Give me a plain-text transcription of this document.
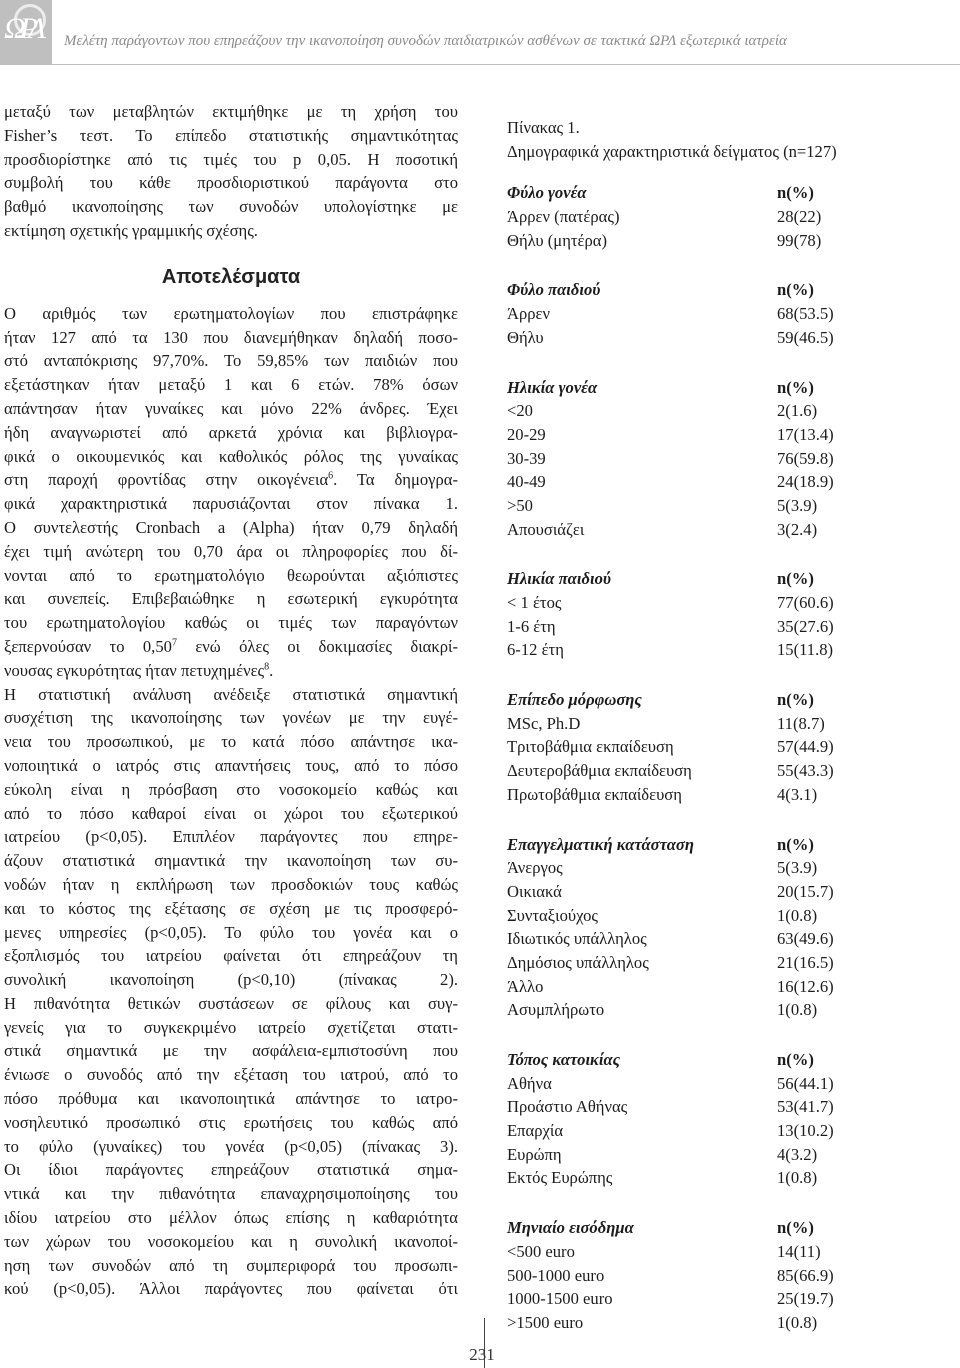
ΩΡΛ Μελέτη παράγοντων που επηρεάζουν την ικανοποίηση συνοδών παιδιατρικών ασθένων σε τακτικά ΩΡΛ εξωτερικά ιατρεία
μεταξύ των μεταβλητών εκτιμήθηκε με τη χρήση του
Fisher’s τεστ. Το επίπεδο στατιστικής σημαντικότητας
προσδιορίστηκε από τις τιμές του p 0,05. Η ποσοτική
συμβολή του κάθε προσδιοριστικού παράγοντα στο
βαθμό ικανοποίησης των συνοδών υπολογίστηκε με
εκτίμηση σχετικής γραμμικής σχέσης.
Αποτελέσματα
Ο αριθμός των ερωτηματολογίων που επιστράφηκε
ήταν 127 από τα 130 που διανεμήθηκαν δηλαδή ποσο-
στό ανταπόκρισης 97,70%. Το 59,85% των παιδιών που
εξετάστηκαν ήταν μεταξύ 1 και 6 ετών. 78% όσων
απάντησαν ήταν γυναίκες και μόνο 22% άνδρες. Έχει
ήδη αναγνωριστεί από αρκετά χρόνια και βιβλιογρα-
φικά ο οικουμενικός και καθολικός ρόλος της γυναίκας
στη παροχή φροντίδας στην οικογένεια$^6$. Τα δημογρα-
φικά χαρακτηριστικά παρυσιάζονται στον πίνακα 1.
Ο συντελεστής Cronbach a (Alpha) ήταν 0,79 δηλαδή
έχει τιμή ανώτερη του 0,70 άρα οι πληροφορίες που δί-
νονται από το ερωτηματολόγιο θεωρούνται αξιόπιστες
και συνεπείς. Επιβεβαιώθηκε η εσωτερική εγκυρότητα
του ερωτηματολογίου καθώς οι τιμές των παραγόντων
ξεπερνούσαν το 0,50$^7$ ενώ όλες οι δοκιμασίες διακρί-
νουσας εγκυρότητας ήταν πετυχημένες$^8$.
Η στατιστική ανάλυση ανέδειξε στατιστικά σημαντική
συσχέτιση της ικανοποίησης των γονέων με την ευγέ-
νεια του προσωπικού, με το κατά πόσο απάντησε ικα-
νοποιητικά ο ιατρός στις απαντήσεις τους, από το πόσο
εύκολη είναι η πρόσβαση στο νοσοκομείο καθώς και
από το πόσο καθαροί είναι οι χώροι του εξωτερικού
ιατρείου (p<0,05). Επιπλέον παράγοντες που επηρε-
άζουν στατιστικά σημαντικά την ικανοποίηση των συ-
νοδών ήταν η εκπλήρωση των προσδοκιών τους καθώς
και το κόστος της εξέτασης σε σχέση με τις προσφερό-
μενες υπηρεσίες (p<0,05). Το φύλο του γονέα και ο
εξοπλισμός του ιατρείου φαίνεται ότι επηρεάζουν τη
συνολική ικανοποίηση (p<0,10) (πίνακας 2).
Η πιθανότητα θετικών συστάσεων σε φίλους και συγ-
γενείς για το συγκεκριμένο ιατρείο σχετίζεται στατι-
στικά σημαντικά με την ασφάλεια-εμπιστοσύνη που
ένιωσε ο συνοδός από την εξέταση του ιατρού, από το
πόσο πρόθυμα και ικανοποιητικά απάντησε το ιατρο-
νοσηλευτικό προσωπικό στις ερωτήσεις του καθώς από
το φύλο (γυναίκες) του γονέα (p<0,05) (πίνακας 3).
Οι ίδιοι παράγοντες επηρεάζουν στατιστικά σημα-
ντικά και την πιθανότητα επαναχρησιμοποίησης του
ιδίου ιατρείου στο μέλλον όπως επίσης η καθαριότητα
των χώρων του νοσοκομείου και η συνολική ικανοποί-
ηση των συνοδών από τη συμπεριφορά του προσωπι-
κού (p<0,05). Άλλοι παράγοντες που φαίνεται ότι
Πίνακας 1.
Δημογραφικά χαρακτηριστικά δείγματος (n=127)
Φύλο γονέα	n(%)
Άρρεν (πατέρας)	28(22)
Θήλυ (μητέρα)	99(78)
Φύλο παιδιού	n(%)
Άρρεν	68(53.5)
Θήλυ	59(46.5)
Ηλικία γονέα	n(%)
<20	2(1.6)
20-29	17(13.4)
30-39	76(59.8)
40-49	24(18.9)
>50	5(3.9)
Απουσιάζει	3(2.4)
Ηλικία παιδιού	n(%)
< 1 έτος	77(60.6)
1-6 έτη	35(27.6)
6-12 έτη	15(11.8)
Επίπεδο μόρφωσης	n(%)
MSc, Ph.D	11(8.7)
Τριτοβάθμια εκπαίδευση	57(44.9)
Δευτεροβάθμια εκπαίδευση	55(43.3)
Πρωτοβάθμια εκπαίδευση	4(3.1)
Επαγγελματική κατάσταση	n(%)
Άνεργος	5(3.9)
Οικιακά	20(15.7)
Συνταξιούχος	1(0.8)
Ιδιωτικός υπάλληλος	63(49.6)
Δημόσιος υπάλληλος	21(16.5)
Άλλο	16(12.6)
Ασυμπλήρωτο	1(0.8)
Τόπος κατοικίας	n(%)
Αθήνα	56(44.1)
Προάστιο Αθήνας	53(41.7)
Επαρχία	13(10.2)
Ευρώπη	4(3.2)
Εκτός Ευρώπης	1(0.8)
Μηνιαίο εισόδημα	n(%)
<500 euro	14(11)
500-1000 euro	85(66.9)
1000-1500 euro	25(19.7)
>1500 euro	1(0.8)
231
